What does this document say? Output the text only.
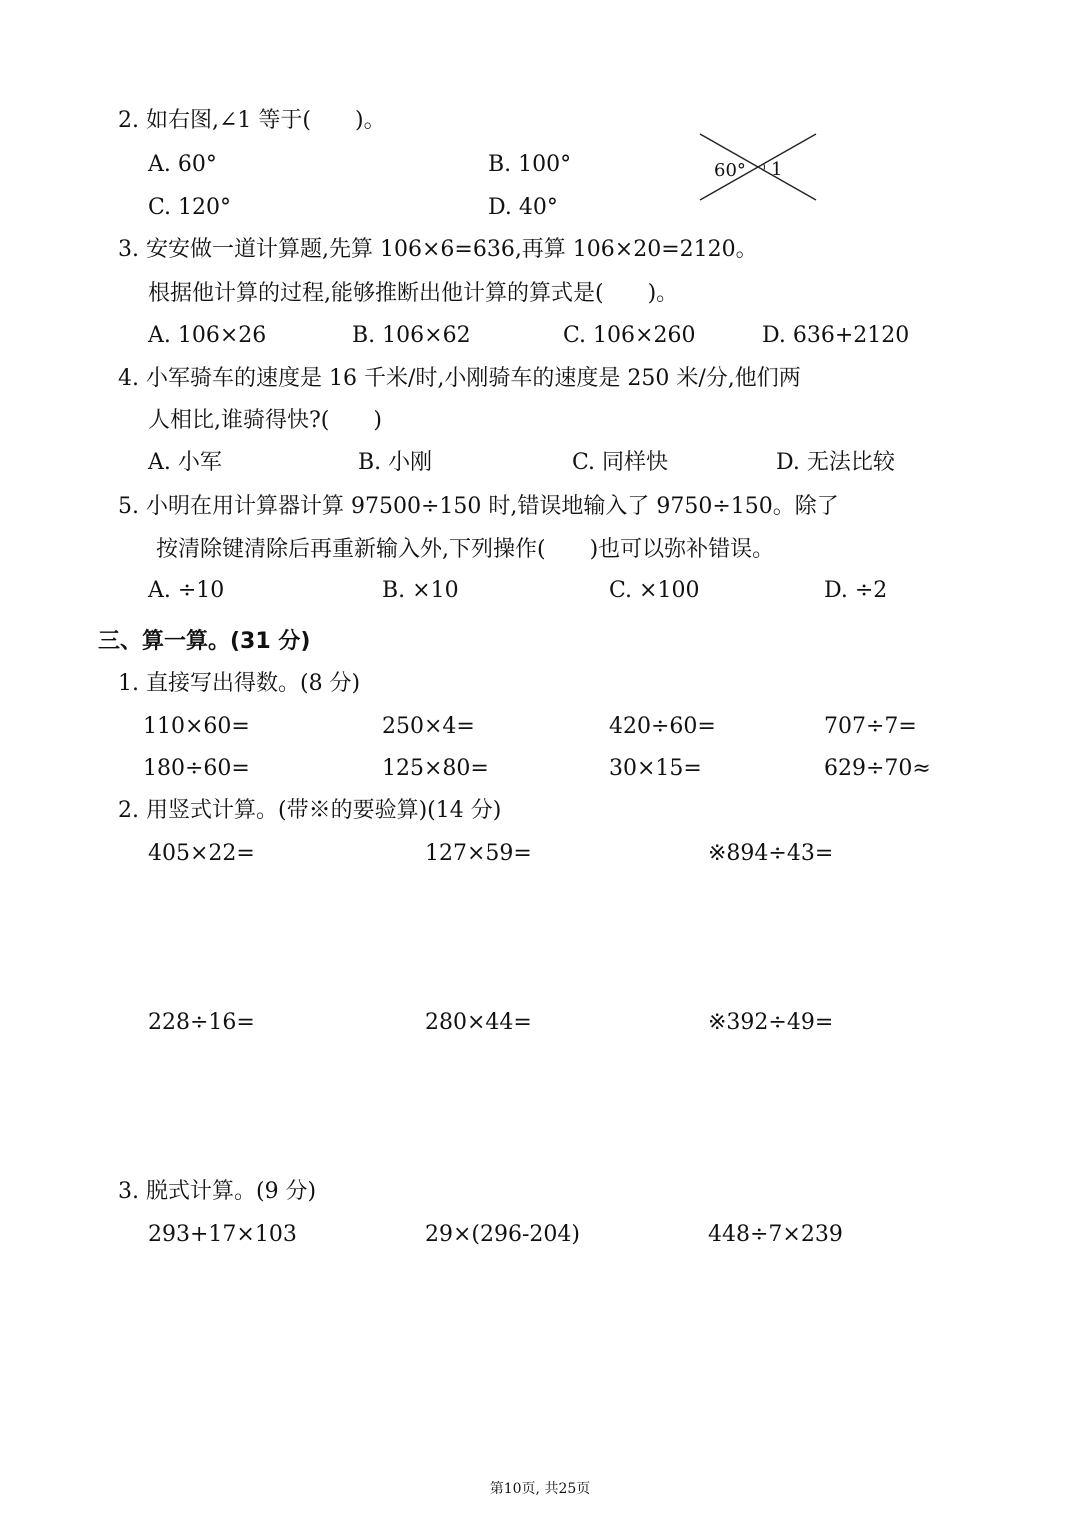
2. 如右图,∠1 等于(　　)。
A. 60°	B. 100°
C. 120°	D. 40°
60° 1
3. 安安做一道计算题,先算 106×6=636,再算 106×20=2120。
根据他计算的过程,能够推断出他计算的算式是(　　)。
A. 106×26	B. 106×62	C. 106×260	D. 636+2120
4. 小军骑车的速度是 16 千米/时,小刚骑车的速度是 250 米/分,他们两
人相比,谁骑得快?(　　)
A. 小军	B. 小刚	C. 同样快	D. 无法比较
5. 小明在用计算器计算 97500÷150 时,错误地输入了 9750÷150。除了
按清除键清除后再重新输入外,下列操作(　　)也可以弥补错误。
A. ÷10	B. ×10	C. ×100	D. ÷2
三、算一算。(31 分)
1. 直接写出得数。(8 分)
110×60=	250×4=	420÷60=	707÷7=
180÷60=	125×80=	30×15=	629÷70≈
2. 用竖式计算。(带※的要验算)(14 分)
405×22=	127×59=	※894÷43=
228÷16=	280×44=	※392÷49=
3. 脱式计算。(9 分)
293+17×103	29×(296-204)	448÷7×239
第10页, 共25页
